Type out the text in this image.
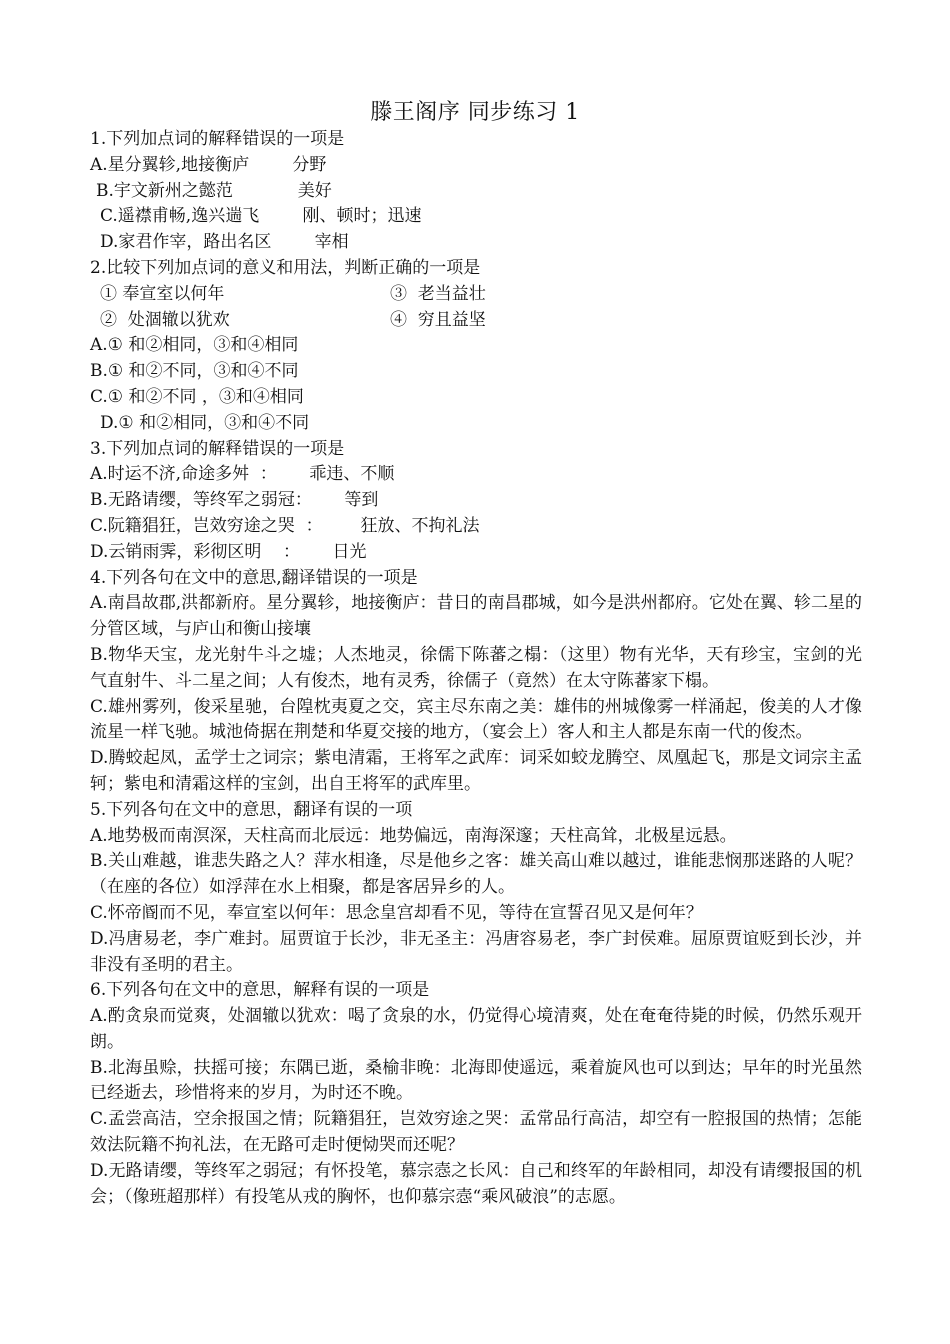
滕王阁序 同步练习 1
1.下列加点词的解释错误的一项是
A.星分翼轸,地接衡庐        分野
B.宇文新州之懿范            美好
C.遥襟甫畅,逸兴遄飞        刚、顿时；迅速
D.家君作宰，路出名区        宰相
2.比较下列加点词的意义和用法，判断正确的一项是
① 奉宣室以何年	③  老当益壮
②  处涸辙以犹欢	④  穷且益坚
A.① 和②相同，③和④相同
B.① 和②不同，③和④不同
C.① 和②不同 ，③和④相同
D.① 和②相同，③和④不同
3.下列加点词的解释错误的一项是
A.时运不济,命途多舛  ：      乖违、不顺
B.无路请缨，等终军之弱冠：      等到
C.阮籍猖狂，岂效穷途之哭  ：       狂放、不拘礼法
D.云销雨霁，彩彻区明    ：      日光
4.下列各句在文中的意思,翻译错误的一项是
A.南昌故郡,洪都新府。星分翼轸，地接衡庐：昔日的南昌郡城，如今是洪州都府。它处在翼、轸二星的分管区域，与庐山和衡山接壤
B.物华天宝，龙光射牛斗之墟；人杰地灵，徐儒下陈蕃之榻：（这里）物有光华，天有珍宝，宝剑的光气直射牛、斗二星之间；人有俊杰，地有灵秀，徐儒子（竟然）在太守陈蕃家下榻。
C.雄州雾列，俊采星驰，台隍枕夷夏之交，宾主尽东南之美：雄伟的州城像雾一样涌起，俊美的人才像流星一样飞驰。城池倚据在荆楚和华夏交接的地方，（宴会上）客人和主人都是东南一代的俊杰。
D.腾蛟起凤，孟学士之词宗；紫电清霜，王将军之武库：词采如蛟龙腾空、凤凰起飞，那是文词宗主孟轲；紫电和清霜这样的宝剑，出自王将军的武库里。
5.下列各句在文中的意思，翻译有误的一项
A.地势极而南溟深，天柱高而北辰远：地势偏远，南海深邃；天柱高耸，北极星远悬。
B.关山难越，谁悲失路之人？萍水相逢，尽是他乡之客：雄关高山难以越过，谁能悲悯那迷路的人呢？（在座的各位）如浮萍在水上相聚，都是客居异乡的人。
C.怀帝阍而不见，奉宣室以何年：思念皇宫却看不见，等待在宣誓召见又是何年？
D.冯唐易老，李广难封。屈贾谊于长沙，非无圣主：冯唐容易老，李广封侯难。屈原贾谊贬到长沙，并非没有圣明的君主。
6.下列各句在文中的意思，解释有误的一项是
A.酌贪泉而觉爽，处涸辙以犹欢：喝了贪泉的水，仍觉得心境清爽，处在奄奄待毙的时候，仍然乐观开朗。
B.北海虽赊，扶摇可接；东隅已逝，桑榆非晚：北海即使遥远，乘着旋风也可以到达；早年的时光虽然已经逝去，珍惜将来的岁月，为时还不晚。
C.孟尝高洁，空余报国之情；阮籍猖狂，岂效穷途之哭：孟常品行高洁，却空有一腔报国的热情；怎能效法阮籍不拘礼法，在无路可走时便恸哭而还呢？
D.无路请缨，等终军之弱冠；有怀投笔，慕宗悫之长风：自己和终军的年龄相同，却没有请缨报国的机会；（像班超那样）有投笔从戎的胸怀，也仰慕宗悫“乘风破浪”的志愿。
